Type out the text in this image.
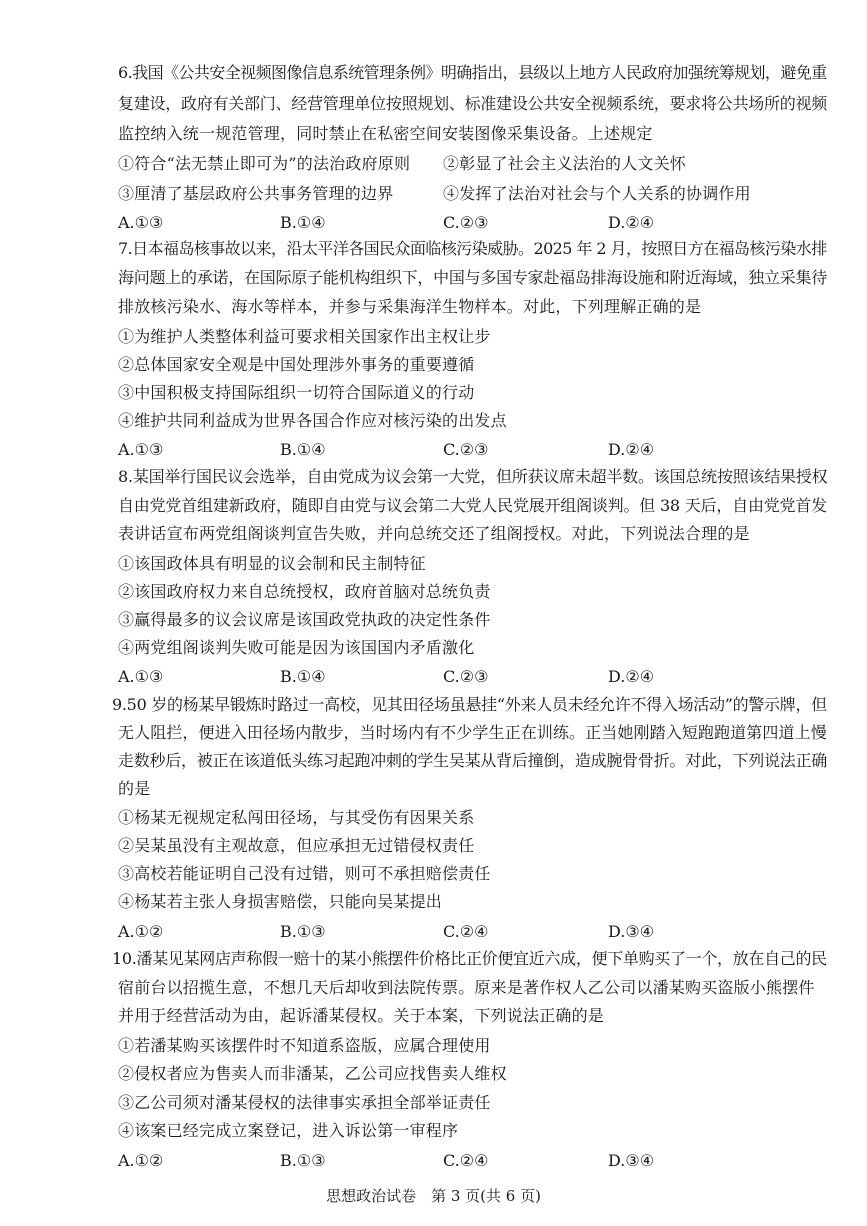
6.我国《公共安全视频图像信息系统管理条例》明确指出，县级以上地方人民政府加强统筹规划，避免重
复建设，政府有关部门、经营管理单位按照规划、标准建设公共安全视频系统，要求将公共场所的视频
监控纳入统一规范管理，同时禁止在私密空间安装图像采集设备。上述规定
①符合“法无禁止即可为”的法治政府原则 ②彰显了社会主义法治的人文关怀
③厘清了基层政府公共事务管理的边界	④发挥了法治对社会与个人关系的协调作用
A.①③	B.①④	C.②③	D.②④
7.日本福岛核事故以来，沿太平洋各国民众面临核污染威胁。2025 年 2 月，按照日方在福岛核污染水排
海问题上的承诺，在国际原子能机构组织下，中国与多国专家赴福岛排海设施和附近海域，独立采集待
排放核污染水、海水等样本，并参与采集海洋生物样本。对此，下列理解正确的是
①为维护人类整体利益可要求相关国家作出主权让步
②总体国家安全观是中国处理涉外事务的重要遵循
③中国积极支持国际组织一切符合国际道义的行动
④维护共同利益成为世界各国合作应对核污染的出发点
A.①③	B.①④	C.②③	D.②④
8.某国举行国民议会选举，自由党成为议会第一大党，但所获议席未超半数。该国总统按照该结果授权
自由党党首组建新政府，随即自由党与议会第二大党人民党展开组阁谈判。但 38 天后，自由党党首发
表讲话宣布两党组阁谈判宣告失败，并向总统交还了组阁授权。对此，下列说法合理的是
①该国政体具有明显的议会制和民主制特征
②该国政府权力来自总统授权，政府首脑对总统负责
③赢得最多的议会议席是该国政党执政的决定性条件
④两党组阁谈判失败可能是因为该国国内矛盾激化
A.①③	B.①④	C.②③	D.②④
9.50 岁的杨某早锻炼时路过一高校，见其田径场虽悬挂“外来人员未经允许不得入场活动”的警示牌，但
无人阻拦，便进入田径场内散步，当时场内有不少学生正在训练。正当她刚踏入短跑跑道第四道上慢
走数秒后，被正在该道低头练习起跑冲刺的学生吴某从背后撞倒，造成腕骨骨折。对此，下列说法正确
的是
①杨某无视规定私闯田径场，与其受伤有因果关系
②吴某虽没有主观故意，但应承担无过错侵权责任
③高校若能证明自己没有过错，则可不承担赔偿责任
④杨某若主张人身损害赔偿，只能向吴某提出
A.①②	B.①③	C.②④	D.③④
10.潘某见某网店声称假一赔十的某小熊摆件价格比正价便宜近六成，便下单购买了一个，放在自己的民
宿前台以招揽生意，不想几天后却收到法院传票。原来是著作权人乙公司以潘某购买盗版小熊摆件
并用于经营活动为由，起诉潘某侵权。关于本案，下列说法正确的是
①若潘某购买该摆件时不知道系盗版，应属合理使用
②侵权者应为售卖人而非潘某，乙公司应找售卖人维权
③乙公司须对潘某侵权的法律事实承担全部举证责任
④该案已经完成立案登记，进入诉讼第一审程序
A.①②	B.①③	C.②④	D.③④
思想政治试卷　第 3 页(共 6 页)
